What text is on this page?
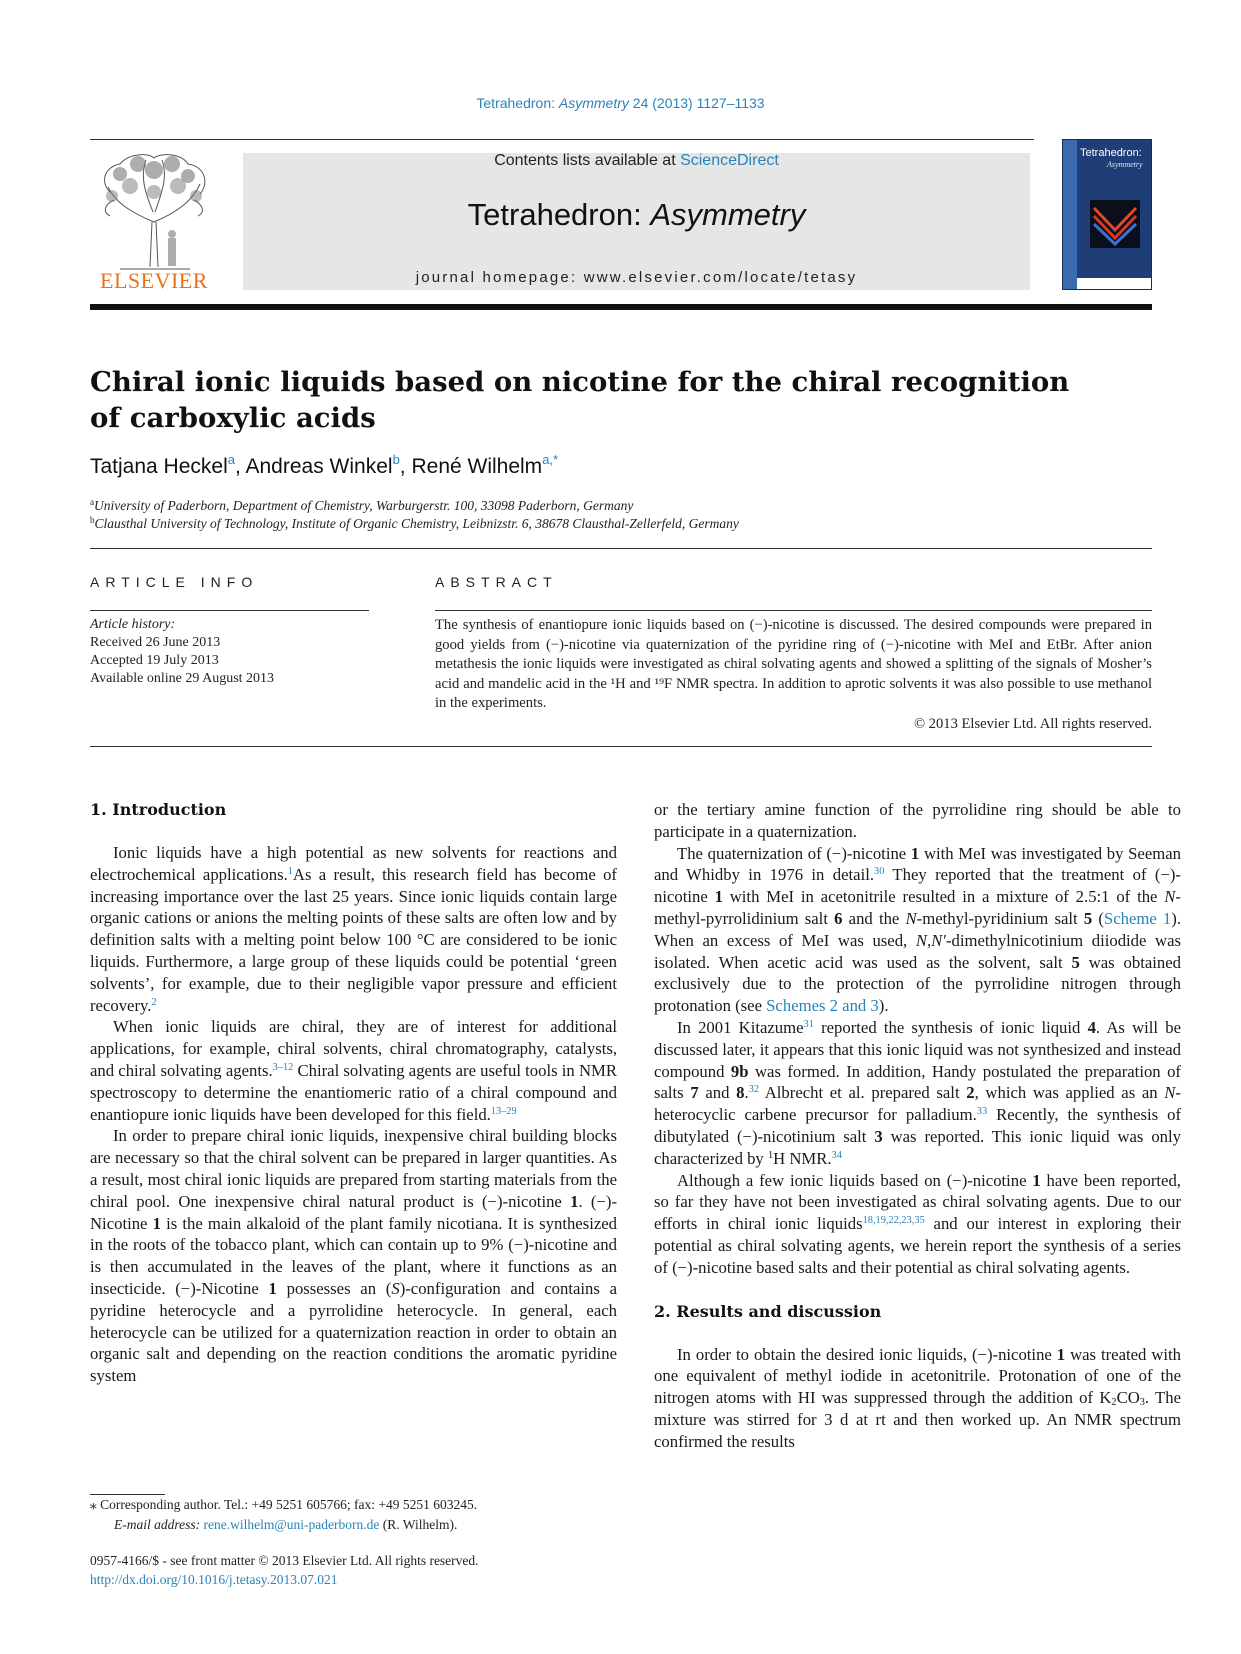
Tetrahedron: Asymmetry 24 (2013) 1127–1133
ELSEVIER
Contents lists available at ScienceDirect
Tetrahedron: Asymmetry
journal homepage: www.elsevier.com/locate/tetasy
Tetrahedron:
Asymmetry
Chiral ionic liquids based on nicotine for the chiral recognition of carboxylic acids
Tatjana Heckel$^a$, Andreas Winkel$^b$, René Wilhelm$^{a,*}$
$^a$University of Paderborn, Department of Chemistry, Warburgerstr. 100, 33098 Paderborn, Germany
$^b$Clausthal University of Technology, Institute of Organic Chemistry, Leibnizstr. 6, 38678 Clausthal-Zellerfeld, Germany
ARTICLE INFO
Article history:
Received 26 June 2013
Accepted 19 July 2013
Available online 29 August 2013
ABSTRACT
The synthesis of enantiopure ionic liquids based on (−)-nicotine is discussed. The desired compounds were prepared in good yields from (−)-nicotine via quaternization of the pyridine ring of (−)-nicotine with MeI and EtBr. After anion metathesis the ionic liquids were investigated as chiral solvating agents and showed a splitting of the signals of Mosher’s acid and mandelic acid in the ¹H and ¹⁹F NMR spectra. In addition to aprotic solvents it was also possible to use methanol in the experiments.
© 2013 Elsevier Ltd. All rights reserved.
1. Introduction

Ionic liquids have a high potential as new solvents for reactions and electrochemical applications.$^1$As a result, this research field has become of increasing importance over the last 25 years. Since ionic liquids contain large organic cations or anions the melting points of these salts are often low and by definition salts with a melting point below 100 °C are considered to be ionic liquids. Furthermore, a large group of these liquids could be potential ‘green solvents’, for example, due to their negligible vapor pressure and efficient recovery.$^2$

When ionic liquids are chiral, they are of interest for additional applications, for example, chiral solvents, chiral chromatography, catalysts, and chiral solvating agents.$^{3-12}$ Chiral solvating agents are useful tools in NMR spectroscopy to determine the enantiomeric ratio of a chiral compound and enantiopure ionic liquids have been developed for this field.$^{13-29}$

In order to prepare chiral ionic liquids, inexpensive chiral building blocks are necessary so that the chiral solvent can be prepared in larger quantities. As a result, most chiral ionic liquids are prepared from starting materials from the chiral pool. One inexpensive chiral natural product is (−)-nicotine 1. (−)-Nicotine 1 is the main alkaloid of the plant family nicotiana. It is synthesized in the roots of the tobacco plant, which can contain up to 9% (−)-nicotine and is then accumulated in the leaves of the plant, where it functions as an insecticide. (−)-Nicotine 1 possesses an (S)-configuration and contains a pyridine heterocycle and a pyrrolidine heterocycle. In general, each heterocycle can be utilized for a quaternization reaction in order to obtain an organic salt and depending on the reaction conditions the aromatic pyridine system

or the tertiary amine function of the pyrrolidine ring should be able to participate in a quaternization.

The quaternization of (−)-nicotine 1 with MeI was investigated by Seeman and Whidby in 1976 in detail.$^{30}$ They reported that the treatment of (−)-nicotine 1 with MeI in acetonitrile resulted in a mixture of 2.5:1 of the N-methyl-pyrrolidinium salt 6 and the N-methyl-pyridinium salt 5 (Scheme 1). When an excess of MeI was used, N,N′-dimethylnicotinium diiodide was isolated. When acetic acid was used as the solvent, salt 5 was obtained exclusively due to the protection of the pyrrolidine nitrogen through protonation (see Schemes 2 and 3).

In 2001 Kitazume$^{31}$ reported the synthesis of ionic liquid 4. As will be discussed later, it appears that this ionic liquid was not synthesized and instead compound 9b was formed. In addition, Handy postulated the preparation of salts 7 and 8.32 Albrecht et al. prepared salt 2, which was applied as an N-heterocyclic carbene precursor for palladium.$^{33}$ Recently, the synthesis of dibutylated (−)-nicotinium salt 3 was reported. This ionic liquid was only characterized by $^1$H NMR.$^{34}$

Although a few ionic liquids based on (−)-nicotine 1 have been reported, so far they have not been investigated as chiral solvating agents. Due to our efforts in chiral ionic liquids$^{18,19,22,23,35}$ and our interest in exploring their potential as chiral solvating agents, we herein report the synthesis of a series of (−)-nicotine based salts and their potential as chiral solvating agents.

2. Results and discussion

In order to obtain the desired ionic liquids, (−)-nicotine 1 was treated with one equivalent of methyl iodide in acetonitrile. Protonation of one of the nitrogen atoms with HI was suppressed through the addition of $K_2CO_3$. The mixture was stirred for 3 d at rt and then worked up. An NMR spectrum confirmed the results

⁎ Corresponding author. Tel.: +49 5251 605766; fax: +49 5251 603245.
E-mail address: rene.wilhelm@uni-paderborn.de (R. Wilhelm).
0957-4166/$ - see front matter © 2013 Elsevier Ltd. All rights reserved.
http://dx.doi.org/10.1016/j.tetasy.2013.07.021
